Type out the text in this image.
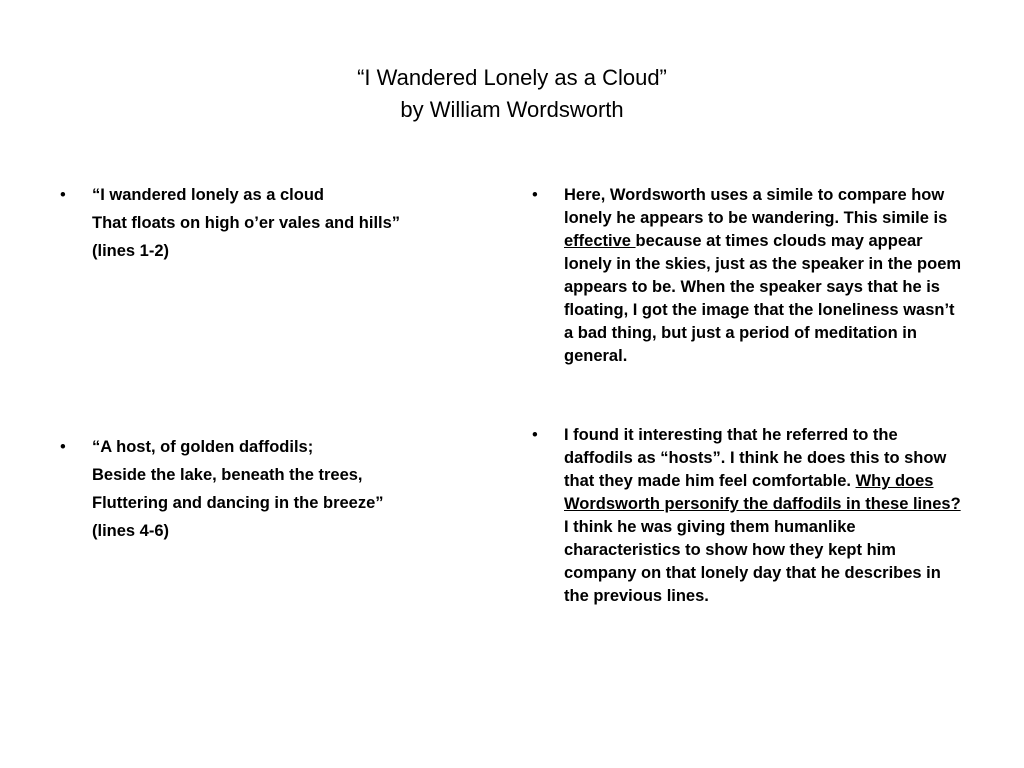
“I Wandered Lonely as a Cloud”
by William Wordsworth
• “I wandered lonely as a cloud
That floats on high o’er vales and hills”
(lines 1-2)
• “A host, of golden daffodils;
Beside the lake, beneath the trees,
Fluttering and dancing in the breeze”
(lines 4-6)
• Here, Wordsworth uses a simile to compare how lonely he appears to be wandering. This simile is effective because at times clouds may appear lonely in the skies, just as the speaker in the poem appears to be. When the speaker says that he is floating, I got the image that the loneliness wasn’t a bad thing, but just a period of meditation in general.
• I found it interesting that he referred to the daffodils as “hosts”. I think he does this to show that they made him feel comfortable. Why does Wordsworth personify the daffodils in these lines? I think he was giving them humanlike characteristics to show how they kept him company on that lonely day that he describes in the previous lines.
